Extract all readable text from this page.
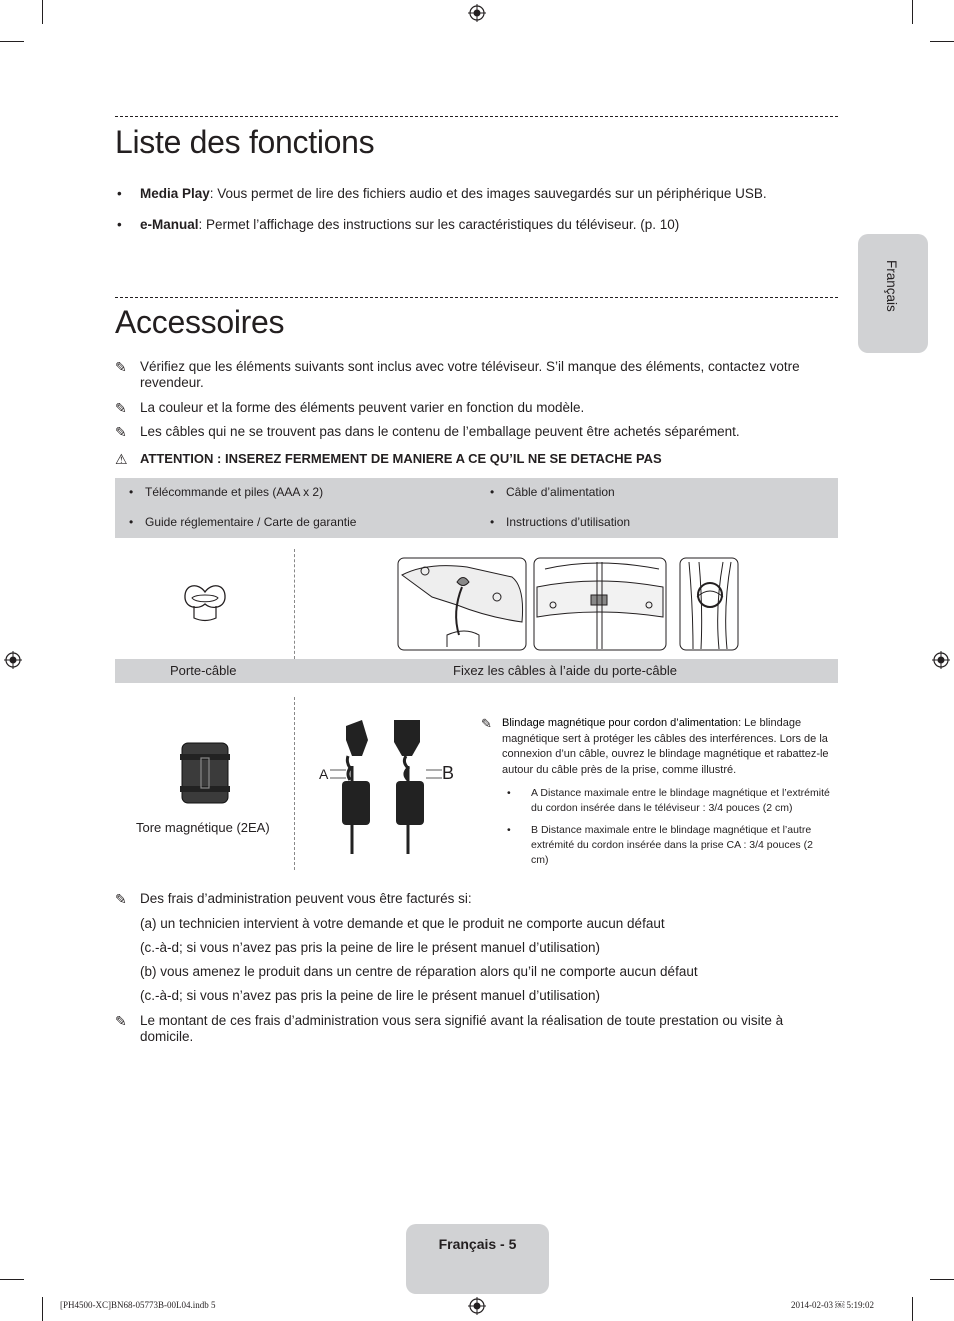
Français
Liste des fonctions
• Media Play: Vous permet de lire des fichiers audio et des images sauvegardés sur un périphérique USB.
• e-Manual: Permet l’affichage des instructions sur les caractéristiques du téléviseur. (p. 10)
Accessoires
✎ Vérifiez que les éléments suivants sont inclus avec votre téléviseur. S’il manque des éléments, contactez votre revendeur.
✎ La couleur et la forme des éléments peuvent varier en fonction du modèle.
✎ Les câbles qui ne se trouvent pas dans le contenu de l’emballage peuvent être achetés séparément.
⚠ ATTENTION : INSEREZ FERMEMENT DE MANIERE A CE QU’IL NE SE DETACHE PAS
• Télécommande et piles (AAA x 2)	• Câble d’alimentation
• Guide réglementaire / Carte de garantie	• Instructions d’utilisation
Porte-câble	Fixez les câbles à l’aide du porte-câble
Tore magnétique (2EA)
A	B
✎ Blindage magnétique pour cordon d’alimentation: Le blindage magnétique sert à protéger les câbles des interférences. Lors de la connexion d’un câble, ouvrez le blindage magnétique et rabattez-le autour du câble près de la prise, comme illustré.
• A Distance maximale entre le blindage magnétique et l’extrémité du cordon insérée dans le téléviseur : 3/4 pouces (2 cm)
• B Distance maximale entre le blindage magnétique et l’autre extrémité du cordon insérée dans la prise CA : 3/4 pouces (2 cm)
✎ Des frais d’administration peuvent vous être facturés si:
(a) un technicien intervient à votre demande et que le produit ne comporte aucun défaut
(c.-à-d; si vous n’avez pas pris la peine de lire le présent manuel d’utilisation)
(b) vous amenez le produit dans un centre de réparation alors qu’il ne comporte aucun défaut
(c.-à-d; si vous n’avez pas pris la peine de lire le présent manuel d’utilisation)
✎ Le montant de ces frais d’administration vous sera signifié avant la réalisation de toute prestation ou visite à domicile.
Français - 5
[PH4500-XC]BN68-05773B-00L04.indb 5	2014-02-03 ￼ 5:19:02
